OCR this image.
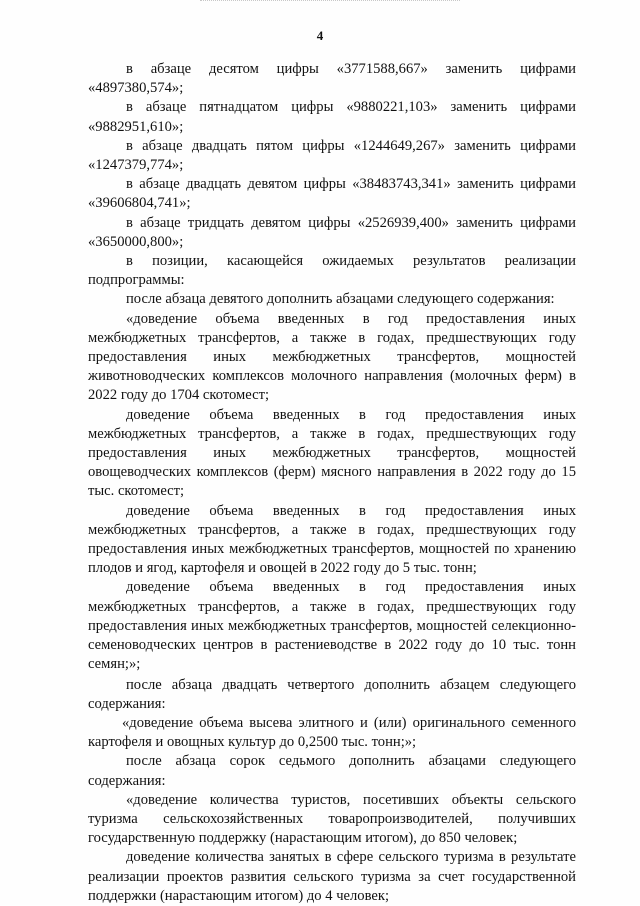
4

в абзаце десятом цифры «3771588,667» заменить цифрами «4897380,574»;

в абзаце пятнадцатом цифры «9880221,103» заменить цифрами «9882951,610»;

в абзаце двадцать пятом цифры «1244649,267» заменить цифрами «1247379,774»;

в абзаце двадцать девятом цифры «38483743,341» заменить цифрами «39606804,741»;

в абзаце тридцать девятом цифры «2526939,400» заменить цифрами «3650000,800»;

в позиции, касающейся ожидаемых результатов реализации подпрограммы:

после абзаца девятого дополнить абзацами следующего содержания:

«доведение объема введенных в год предоставления иных межбюджетных трансфертов, а также в годах, предшествующих году предоставления иных межбюджетных трансфертов, мощностей животноводческих комплексов молочного направления (молочных ферм) в 2022 году до 1704 скотомест;

доведение объема введенных в год предоставления иных межбюджетных трансфертов, а также в годах, предшествующих году предоставления иных межбюджетных трансфертов, мощностей овощеводческих комплексов (ферм) мясного направления в 2022 году до 15 тыс. скотомест;

доведение объема введенных в год предоставления иных межбюджетных трансфертов, а также в годах, предшествующих году предоставления иных межбюджетных трансфертов, мощностей по хранению плодов и ягод, картофеля и овощей в 2022 году до 5 тыс. тонн;

доведение объема введенных в год предоставления иных межбюджетных трансфертов, а также в годах, предшествующих году предоставления иных межбюджетных трансфертов, мощностей селекционно-семеноводческих центров в растениеводстве в 2022 году до 10 тыс. тонн семян;»;

после абзаца двадцать четвертого дополнить абзацем следующего содержания:

«доведение объема высева элитного и (или) оригинального семенного картофеля и овощных культур до 0,2500 тыс. тонн;»;

после абзаца сорок седьмого дополнить абзацами следующего содержания:

«доведение количества туристов, посетивших объекты сельского туризма сельскохозяйственных товаропроизводителей, получивших государственную поддержку (нарастающим итогом), до 850 человек;

доведение количества занятых в сфере сельского туризма в результате реализации проектов развития сельского туризма за счет государственной поддержки (нарастающим итогом) до 4 человек;
